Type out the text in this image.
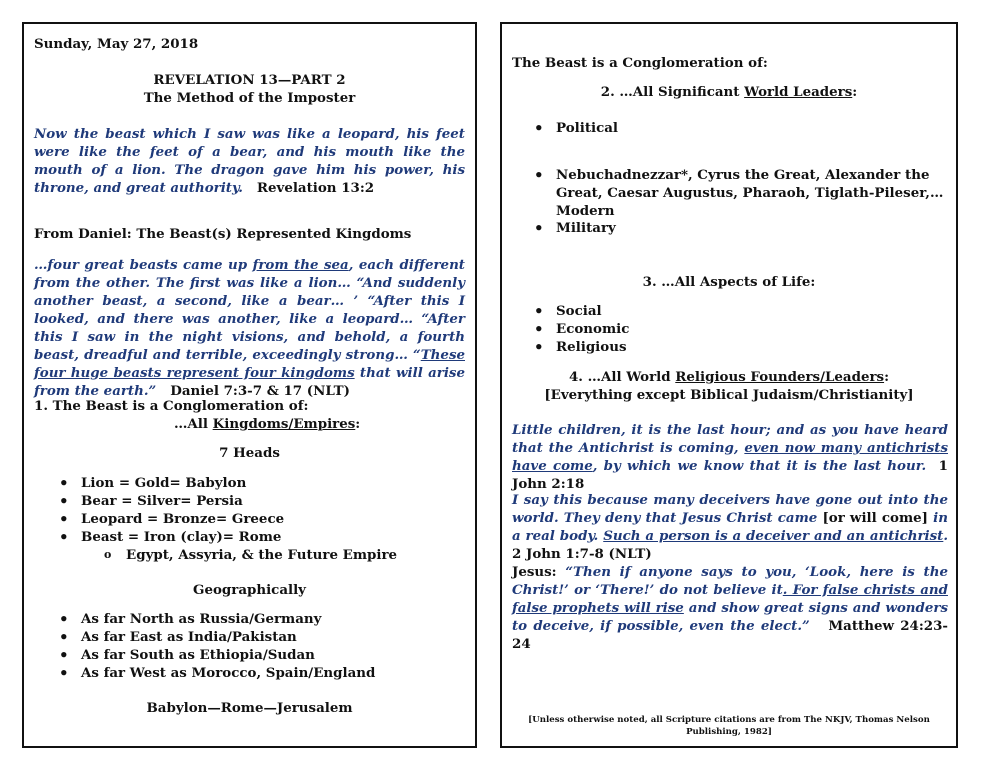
Sunday, May 27, 2018
REVELATION 13—PART 2
The Method of the Imposter
Now the beast which I saw was like a leopard, his feet were like the feet of a bear, and his mouth like the mouth of a lion. The dragon gave him his power, his throne, and great authority. Revelation 13:2
From Daniel: The Beast(s) Represented Kingdoms
…four great beasts came up from the sea, each different from the other. The first was like a lion… “And suddenly another beast, a second, like a bear… ’ “After this I looked, and there was another, like a leopard… “After this I saw in the night visions, and behold, a fourth beast, dreadful and terrible, exceedingly strong… “These four huge beasts represent four kingdoms that will arise from the earth.” Daniel 7:3-7 & 17 (NLT)
1. The Beast is a Conglomeration of:
…All Kingdoms/Empires:
7 Heads
• Lion = Gold= Babylon
• Bear = Silver= Persia
• Leopard = Bronze= Greece
• Beast = Iron (clay)= Rome
o Egypt, Assyria, & the Future Empire
Geographically
• As far North as Russia/Germany
• As far East as India/Pakistan
• As far South as Ethiopia/Sudan
• As far West as Morocco, Spain/England
Babylon—Rome—Jerusalem
The Beast is a Conglomeration of:
2. …All Significant World Leaders:
• Political
• Nebuchadnezzar*, Cyrus the Great, Alexander the Great, Caesar Augustus, Pharaoh, Tiglath-Pileser,…Modern
• Military
3. …All Aspects of Life:
• Social
• Economic
• Religious
4. …All World Religious Founders/Leaders:
[Everything except Biblical Judaism/Christianity]
Little children, it is the last hour; and as you have heard that the Antichrist is coming, even now many antichrists have come, by which we know that it is the last hour. 1 John 2:18
I say this because many deceivers have gone out into the world. They deny that Jesus Christ came [or will come] in a real body. Such a person is a deceiver and an antichrist. 2 John 1:7-8 (NLT)
Jesus: “Then if anyone says to you, ‘Look, here is the Christ!’ or ‘There!’ do not believe it. For false christs and false prophets will rise and show great signs and wonders to deceive, if possible, even the elect.” Matthew 24:23-24
[Unless otherwise noted, all Scripture citations are from The NKJV, Thomas Nelson Publishing, 1982]
